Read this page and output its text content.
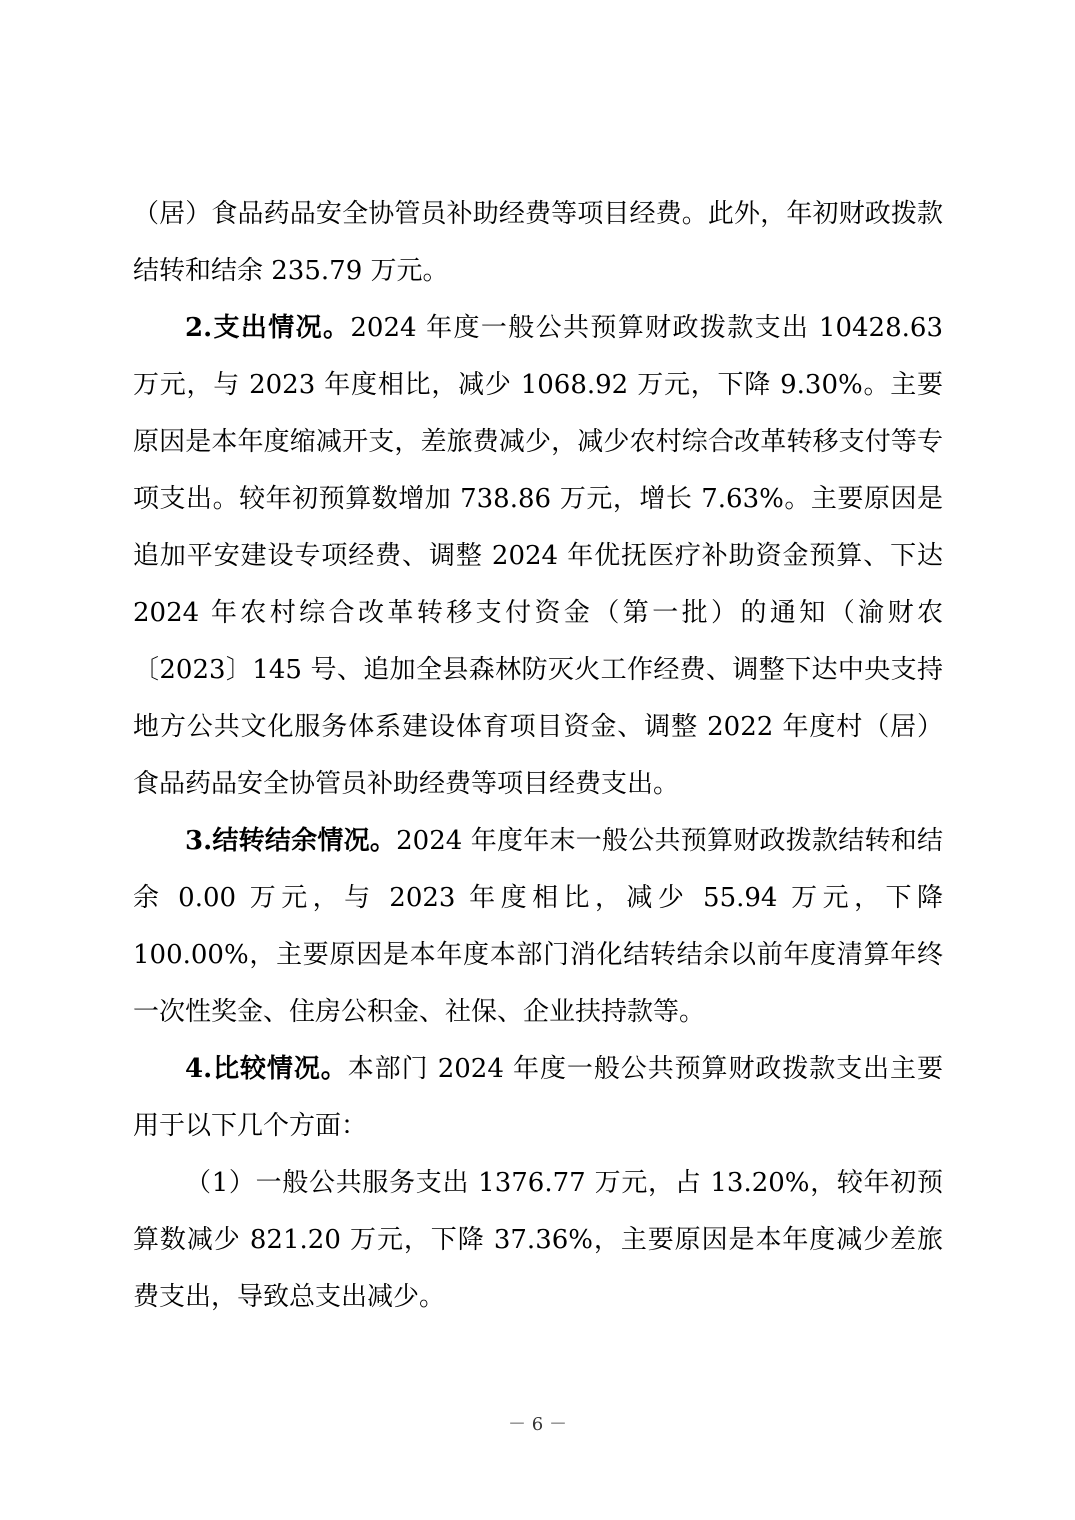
（居）食品药品安全协管员补助经费等项目经费。此外，年初财政拨款结转和结余 235.79 万元。

2.支出情况。2024 年度一般公共预算财政拨款支出 10428.63 万元，与 2023 年度相比，减少 1068.92 万元，下降 9.30%。主要原因是本年度缩减开支，差旅费减少，减少农村综合改革转移支付等专项支出。较年初预算数增加 738.86 万元，增长 7.63%。主要原因是追加平安建设专项经费、调整 2024 年优抚医疗补助资金预算、下达 2024 年农村综合改革转移支付资金（第一批）的通知（渝财农〔2023〕145 号、追加全县森林防灭火工作经费、调整下达中央支持地方公共文化服务体系建设体育项目资金、调整 2022 年度村（居）食品药品安全协管员补助经费等项目经费支出。

3.结转结余情况。2024 年度年末一般公共预算财政拨款结转和结余 0.00 万元，与 2023 年度相比，减少 55.94 万元，下降 100.00%，主要原因是本年度本部门消化结转结余以前年度清算年终一次性奖金、住房公积金、社保、企业扶持款等。

4.比较情况。本部门 2024 年度一般公共预算财政拨款支出主要用于以下几个方面：

（1）一般公共服务支出 1376.77 万元，占 13.20%，较年初预算数减少 821.20 万元，下降 37.36%，主要原因是本年度减少差旅费支出，导致总支出减少。

－ 6 －
